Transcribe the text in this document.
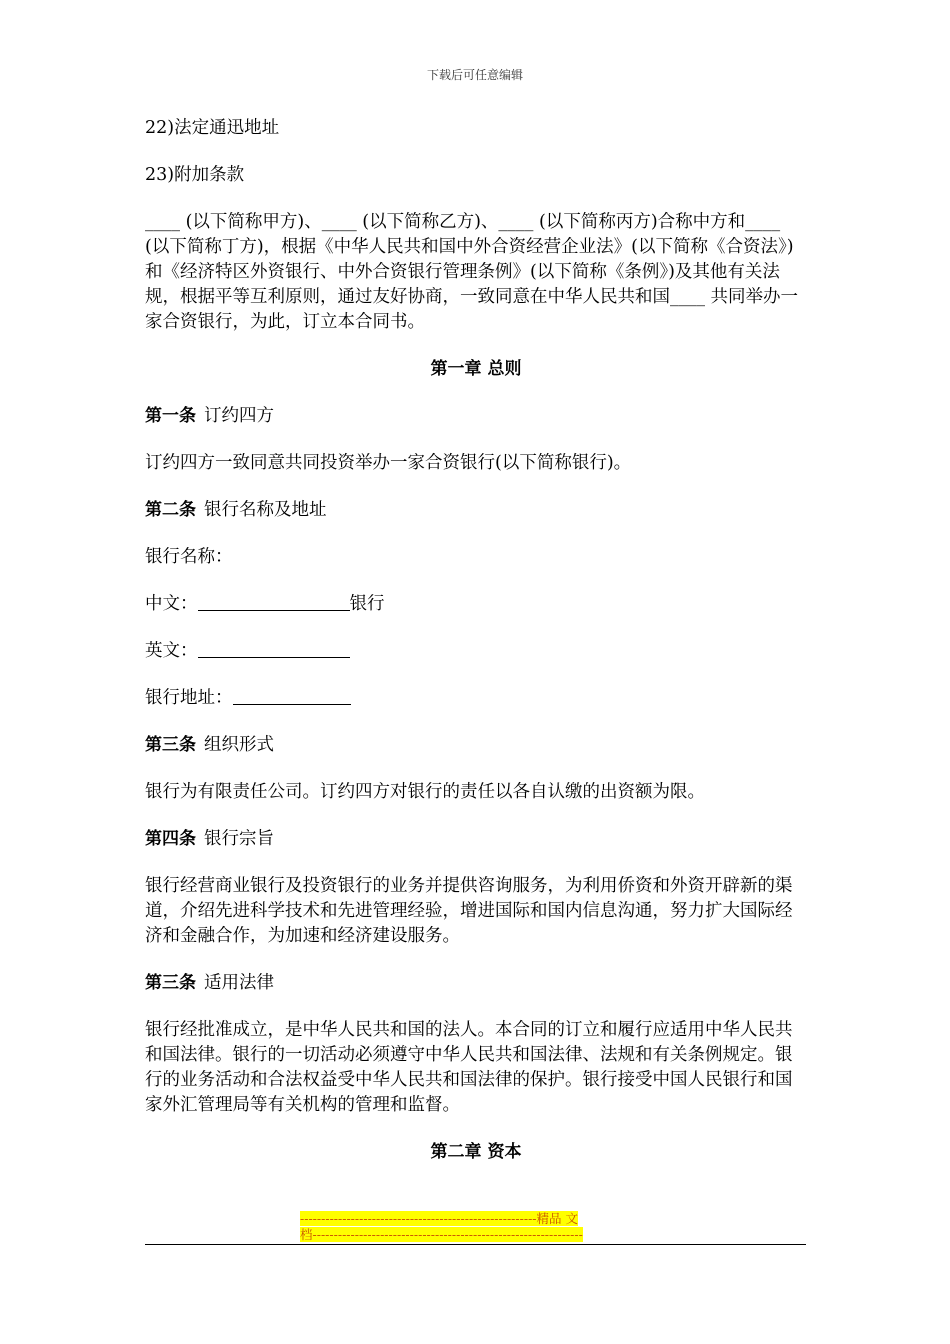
下载后可任意编辑

22)法定通迅地址

23)附加条款

____ (以下简称甲方)、____ (以下简称乙方)、____ (以下简称丙方)合称中方和____ (以下简称丁方)，根据《中华人民共和国中外合资经营企业法》(以下简称《合资法》)和《经济特区外资银行、中外合资银行管理条例》(以下简称《条例》)及其他有关法规，根据平等互利原则，通过友好协商，一致同意在中华人民共和国____ 共同举办一家合资银行，为此，订立本合同书。

第一章 总则

第一条 订约四方

订约四方一致同意共同投资举办一家合资银行(以下简称银行)。

第二条 银行名称及地址

银行名称：

中文：	银行

英文：

银行地址：

第三条 组织形式

银行为有限责任公司。订约四方对银行的责任以各自认缴的出资额为限。

第四条 银行宗旨

银行经营商业银行及投资银行的业务并提供咨询服务，为利用侨资和外资开辟新的渠道，介绍先进科学技术和先进管理经验，增进国际和国内信息沟通，努力扩大国际经济和金融合作，为加速和经济建设服务。

第三条 适用法律

银行经批准成立，是中华人民共和国的法人。本合同的订立和履行应适用中华人民共和国法律。银行的一切活动必须遵守中华人民共和国法律、法规和有关条例规定。银行的业务活动和合法权益受中华人民共和国法律的保护。银行接受中国人民银行和国家外汇管理局等有关机构的管理和监督。

第二章 资本
--------------------------------------------------------精品 文
档----------------------------------------------------------------
